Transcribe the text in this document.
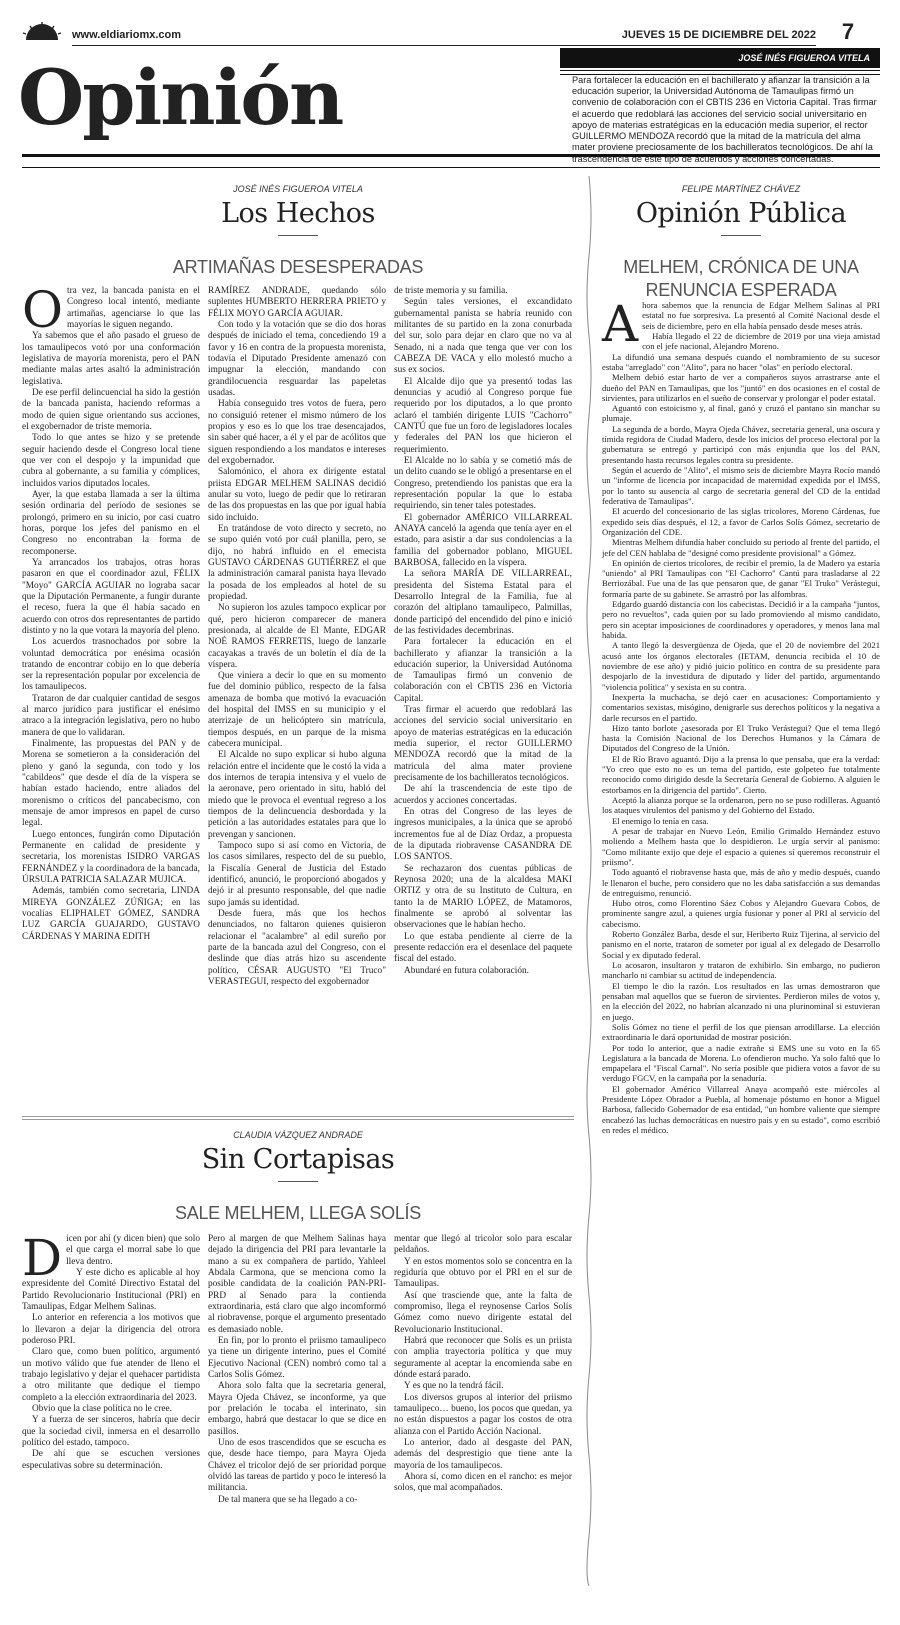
www.eldiariomx.com	JUEVES 15 DE DICIEMBRE DEL 2022	7
Opinión	JOSÉ INÉS FIGUEROA VITELA
Para fortalecer la educación en el bachillerato y afianzar la transición a la educación superior, la Universidad Autónoma de Tamaulipas firmó un convenio de colaboración con el CBTIS 236 en Victoria Capital. Tras firmar el acuerdo que redoblará las acciones del servicio social universitario en apoyo de materias estratégicas en la educación media superior, el rector GUILLERMO MENDOZA recordó que la mitad de la matrícula del alma mater proviene preciosamente de los bachilleratos tecnológicos. De ahí la trascendencia de este tipo de acuerdos y acciones concertadas.
JOSÉ INÉS FIGUEROA VITELA
Los Hechos
ARTIMAÑAS DESESPERADAS

Otra vez, la bancada panista en el Congreso local intentó, mediante artimañas, agenciarse lo que las mayorías le siguen negando.

Ya sabemos que el año pasado el grueso de los tamaulipecos votó por una conformación legislativa de mayoría morenista, pero el PAN mediante malas artes asaltó la administración legislativa.

De ese perfil delincuencial ha sido la gestión de la bancada panista, haciendo reformas a modo de quien sigue orientando sus acciones, el exgobernador de triste memoria.

Todo lo que antes se hizo y se pretende seguir haciendo desde el Congreso local tiene que ver con el despojo y la impunidad que cubra al gobernante, a su familia y cómplices, incluidos varios diputados locales.

Ayer, la que estaba llamada a ser la última sesión ordinaria del período de sesiones se prolongó, primero en su inicio, por casi cuatro horas, porque los jefes del panismo en el Congreso no encontraban la forma de recomponerse.

Ya arrancados los trabajos, otras horas pasaron en que el coordinador azul, FÉLIX "Moyo" GARCÍA AGUIAR no lograba sacar que la Diputación Permanente, a fungir durante el receso, fuera la que él había sacado en acuerdo con otros dos representantes de partido distinto y no la que votara la mayoría del pleno.

Los acuerdos trasnochados por sobre la voluntad democrática por enésima ocasión tratando de encontrar cobijo en lo que debería ser la representación popular por excelencia de los tamaulipecos.

Trataron de dar cualquier cantidad de sesgos al marco jurídico para justificar el enésimo atraco a la integración legislativa, pero no hubo manera de que lo validaran.

Finalmente, las propuestas del PAN y de Morena se sometieron a la consideración del pleno y ganó la segunda, con todo y los "cabildeos" que desde el día de la víspera se habían estado haciendo, entre aliados del morenismo o críticos del pancabecismo, con mensaje de amor impresos en papel de curso legal.

Luego entonces, fungirán como Diputación Permanente en calidad de presidente y secretaria, los morenistas ISIDRO VARGAS FERNÁNDEZ y la coordinadora de la bancada, ÚRSULA PATRICIA SALAZAR MUJICA.

Además, también como secretaria, LINDA MIREYA GONZÁLEZ ZÚÑIGA; en las vocalías ELIPHALET GÓMEZ, SANDRA LUZ GARCÍA GUAJARDO, GUSTAVO CÁRDENAS Y MARINA EDITH

RAMÍREZ ANDRADE, quedando sólo suplentes HUMBERTO HERRERA PRIETO y FÉLIX MOYO GARCÍA AGUIAR.

Con todo y la votación que se dio dos horas después de iniciado el tema, concediendo 19 a favor y 16 en contra de la propuesta morenista, todavía el Diputado Presidente amenazó con impugnar la elección, mandando con grandilocuencia resguardar las papeletas usadas.

Había conseguido tres votos de fuera, pero no consiguió retener el mismo número de los propios y eso es lo que los trae desencajados, sin saber qué hacer, a él y el par de acólitos que siguen respondiendo a los mandatos e intereses del exgobernador.

Salomónico, el ahora ex dirigente estatal priista EDGAR MELHEM SALINAS decidió anular su voto, luego de pedir que lo retiraran de las dos propuestas en las que por igual había sido incluido.

En tratándose de voto directo y secreto, no se supo quién votó por cuál planilla, pero, se dijo, no habrá influido en el emecista GUSTAVO CÁRDENAS GUTIÉRREZ el que la administración camaral panista haya llevado la posada de los empleados al hotel de su propiedad.

No supieron los azules tampoco explicar por qué, pero hicieron comparecer de manera presionada, al alcalde de El Mante, EDGAR NOÉ RAMOS FERRETIS, luego de lanzarle cacayakas a través de un boletín el día de la víspera.

Que viniera a decir lo que en su momento fue del dominio público, respecto de la falsa amenaza de bomba que motivó la evacuación del hospital del IMSS en su municipio y el aterrizaje de un helicóptero sin matrícula, tiempos después, en un parque de la misma cabecera municipal.

El Alcalde no supo explicar si hubo alguna relación entre el incidente que le costó la vida a dos internos de terapia intensiva y el vuelo de la aeronave, pero orientado in situ, habló del miedo que le provoca el eventual regreso a los tiempos de la delincuencia desbordada y la petición a las autoridades estatales para que lo prevengan y sancionen.

Tampoco supo si así como en Victoria, de los casos similares, respecto del de su pueblo, la Fiscalía General de Justicia del Estado identificó, anunció, le proporcionó abogados y dejó ir al presunto responsable, del que nadie supo jamás su identidad.

Desde fuera, más que los hechos denunciados, no faltaron quienes quisieron relacionar el "acalambre" al edil sureño por parte de la bancada azul del Congreso, con el deslinde que días atrás hizo su ascendente político, CÉSAR AUGUSTO "El Truco" VERASTEGUI, respecto del exgobernador

de triste memoria y su familia.

Según tales versiones, el excandidato gubernamental panista se habría reunido con militantes de su partido en la zona conurbada del sur, solo para dejar en claro que no va al Senado, ni a nada que tenga que ver con los CABEZA DE VACA y ello molestó mucho a sus ex socios.

El Alcalde dijo que ya presentó todas las denuncias y acudió al Congreso porque fue requerido por los diputados, a lo que pronto aclaró el también dirigente LUIS "Cachorro" CANTÚ que fue un foro de legisladores locales y federales del PAN los que hicieron el requerimiento.

El Alcalde no lo sabía y se cometió más de un delito cuando se le obligó a presentarse en el Congreso, pretendiendo los panistas que era la representación popular la que lo estaba requiriendo, sin tener tales potestades.

El gobernador AMÉRICO VILLARREAL ANAYA canceló la agenda que tenía ayer en el estado, para asistir a dar sus condolencias a la familia del gobernador poblano, MIGUEL BARBOSA, fallecido en la víspera.

La señora MARÍA DE VILLARREAL, presidenta del Sistema Estatal para el Desarrollo Integral de la Familia, fue al corazón del altiplano tamaulipeco, Palmillas, donde participó del encendido del pino e inició de las festividades decembrinas.

Para fortalecer la educación en el bachillerato y afianzar la transición a la educación superior, la Universidad Autónoma de Tamaulipas firmó un convenio de colaboración con el CBTIS 236 en Victoria Capital.

Tras firmar el acuerdo que redoblará las acciones del servicio social universitario en apoyo de materias estratégicas en la educación media superior, el rector GUILLERMO MENDOZA recordó que la mitad de la matrícula del alma mater proviene precisamente de los bachilleratos tecnológicos.

De ahí la trascendencia de este tipo de acuerdos y acciones concertadas.

En otras del Congreso de las leyes de ingresos municipales, a la única que se aprobó incrementos fue al de Díaz Ordaz, a propuesta de la diputada riobravense CASANDRA DE LOS SANTOS.

Se rechazaron dos cuentas públicas de Reynosa 2020; una de la alcaldesa MAKI ORTIZ y otra de su Instituto de Cultura, en tanto la de MARIO LÓPEZ, de Matamoros, finalmente se aprobó al solventar las observaciones que le habían hecho.

Lo que estaba pendiente al cierre de la presente redacción era el desenlace del paquete fiscal del estado.

Abundaré en futura colaboración.

CLAUDIA VÁZQUEZ ANDRADE
Sin Cortapisas
SALE MELHEM, LLEGA SOLÍS

Dicen por ahí (y dicen bien) que solo el que carga el morral sabe lo que lleva dentro.

Y este dicho es aplicable al hoy expresidente del Comité Directivo Estatal del Partido Revolucionario Institucional (PRI) en Tamaulipas, Edgar Melhem Salinas.

Lo anterior en referencia a los motivos que lo llevaron a dejar la dirigencia del otrora poderoso PRI.

Claro que, como buen político, argumentó un motivo válido que fue atender de lleno el trabajo legislativo y dejar el quehacer partidista a otro militante que dedique el tiempo completo a la elección extraordinaria del 2023.

Obvio que la clase política no le cree.

Y a fuerza de ser sinceros, habría que decir que la sociedad civil, inmersa en el desarrollo político del estado, tampoco.

De ahí que se escuchen versiones especulativas sobre su determinación.

Pero al margen de que Melhem Salinas haya dejado la dirigencia del PRI para levantarle la mano a su ex compañera de partido, Yahleel Abdala Carmona, que se menciona como la posible candidata de la coalición PAN-PRI-PRD al Senado para la contienda extraordinaria, está claro que algo incomformó al riobravense, porque el argumento presentado es demasiado noble.

En fin, por lo pronto el priismo tamaulipeco ya tiene un dirigente interino, pues el Comité Ejecutivo Nacional (CEN) nombró como tal a Carlos Solís Gómez.

Ahora solo falta que la secretaria general, Mayra Ojeda Chávez, se inconforme, ya que por prelación le tocaba el interinato, sin embargo, habrá que destacar lo que se dice en pasillos.

Uno de esos trascendidos que se escucha es que, desde hace tiempo, para Mayra Ojeda Chávez el tricolor dejó de ser prioridad porque olvidó las tareas de partido y poco le interesó la militancia.

De tal manera que se ha llegado a co-

mentar que llegó al tricolor solo para escalar peldaños.

Y en estos momentos solo se concentra en la regiduría que obtuvo por el PRI en el sur de Tamaulipas.

Así que trasciende que, ante la falta de compromiso, llega el reynosense Carlos Solís Gómez como nuevo dirigente estatal del Revolucionario Institucional.

Habrá que reconocer que Solís es un priista con amplia trayectoria política y que muy seguramente al aceptar la encomienda sabe en dónde estará parado.

Y es que no la tendrá fácil.

Los diversos grupos al interior del priismo tamaulipeco… bueno, los pocos que quedan, ya no están dispuestos a pagar los costos de otra alianza con el Partido Acción Nacional.

Lo anterior, dado al desgaste del PAN, además del desprestigio que tiene ante la mayoría de los tamaulipecos.

Ahora sí, como dicen en el rancho: es mejor solos, que mal acompañados.

FELIPE MARTÍNEZ CHÁVEZ
Opinión Pública
MELHEM, CRÓNICA DE UNA RENUNCIA ESPERADA

Ahora sabemos que la renuncia de Edgar Melhem Salinas al PRI estatal no fue sorpresiva. La presentó al Comité Nacional desde el seis de diciembre, pero en ella había pensado desde meses atrás.

Había llegado el 22 de diciembre de 2019 por una vieja amistad con el jefe nacional, Alejandro Moreno.

La difundió una semana después cuando el nombramiento de su sucesor estaba "arreglado" con "Alito", para no hacer "olas" en período electoral.

Melhem debió estar harto de ver a compañeros suyos arrastrarse ante el dueño del PAN en Tamaulipas, que los "juntó" en dos ocasiones en el costal de sirvientes, para utilizarlos en el sueño de conservar y prolongar el poder estatal.

Aguantó con estoicismo y, al final, ganó y cruzó el pantano sin manchar su plumaje.

La segunda de a bordo, Mayra Ojeda Chávez, secretaria general, una oscura y tímida regidora de Ciudad Madero, desde los inicios del proceso electoral por la gubernatura se entregó y participó con más enjundia que los del PAN, presentando hasta recursos legales contra su presidente.

Según el acuerdo de "Alito", el mismo seis de diciembre Mayra Rocío mandó un "informe de licencia por incapacidad de maternidad expedida por el IMSS, por lo tanto su ausencia al cargo de secretaria general del CD de la entidad federativa de Tamaulipas".

El acuerdo del concesionario de las siglas tricolores, Moreno Cárdenas, fue expedido seis días después, el 12, a favor de Carlos Solís Gómez, secretario de Organización del CDE.

Mientras Melhem difundía haber concluido su periodo al frente del partido, el jefe del CEN hablaba de "designé como presidente provisional" a Gómez.

En opinión de ciertos tricolores, de recibir el premio, la de Madero ya estaría "uniendo" al PRI Tamaulipas con "El Cachorro" Cantú para trasladarse al 22 Berriozábal. Fue una de las que pensaron que, de ganar "El Truko" Verástegui, formaría parte de su gabinete. Se arrastró por las alfombras.

Edgardo guardó distancia con los cabecistas. Decidió ir a la campaña "juntos, pero no revueltos", cada quien por su lado promoviendo al mismo candidato, pero sin aceptar imposiciones de coordinadores y operadores, y menos lana mal habida.

A tanto llegó la desvergüenza de Ojeda, que el 20 de noviembre del 2021 acusó ante los órganos electorales (IETAM, denuncia recibida el 10 de noviembre de ese año) y pidió juicio político en contra de su presidente para despojarlo de la investidura de diputado y líder del partido, argumentando "violencia política" y sexista en su contra.

Inexperta la muchacha, se dejó caer en acusaciones: Comportamiento y comentarios sexistas, misógino, denigrarle sus derechos políticos y la negativa a darle recursos en el partido.

Hizo tanto borlote ¿asesorada por El Truko Verástegui? Que el tema llegó hasta la Comisión Nacional de los Derechos Humanos y la Cámara de Diputados del Congreso de la Unión.

El de Río Bravo aguantó. Dijo a la prensa lo que pensaba, que era la verdad: "Yo creo que esto no es un tema del partido, este golpeteo fue totalmente reconocido como dirigido desde la Secretaría General de Gobierno. A alguien le estorbamos en la dirigencia del partido". Cierto.

Aceptó la alianza porque se la ordenaron, pero no se puso rodilleras. Aguantó los ataques virulentos del panismo y del Gobierno del Estado.

El enemigo lo tenía en casa.

A pesar de trabajar en Nuevo León, Emilio Grimaldo Hernández estuvo moliendo a Melhem hasta que lo despidieron. Le urgía servir al panismo: "Como militante exijo que deje el espacio a quienes sí queremos reconstruir el priismo".

Todo aguantó el riobravense hasta que, más de año y medio después, cuando le llenaron el buche, pero considero que no les daba satisfacción a sus demandas de entreguismo, renunció.

Hubo otros, como Florentino Sáez Cobos y Alejandro Guevara Cobos, de prominente sangre azul, a quienes urgía fusionar y poner al PRI al servicio del cabecismo.

Roberto González Barba, desde el sur, Heriberto Ruiz Tijerina, al servicio del panismo en el norte, trataron de someter por igual al ex delegado de Desarrollo Social y ex diputado federal.

Lo acosaron, insultaron y trataron de exhibirlo. Sin embargo, no pudieron mancharlo ni cambiar su actitud de independencia.

El tiempo le dio la razón. Los resultados en las urnas demostraron que pensaban mal aquellos que se fueron de sirvientes. Perdieron miles de votos y, en la elección del 2022, no habrían alcanzado ni una plurinominal si estuvieran en juego.

Solís Gómez no tiene el perfil de los que piensan arrodillarse. La elección extraordinaria le dará oportunidad de mostrar posición.

Por todo lo anterior, que a nadie extrañe si EMS une su voto en la 65 Legislatura a la bancada de Morena. Lo ofendieron mucho. Ya solo faltó que lo empapelara el "Fiscal Carnal". No sería posible que pidiera votos a favor de su verdugo FGCV, en la campaña por la senaduría.

El gobernador Américo Villarreal Anaya acompañó este miércoles al Presidente López Obrador a Puebla, al homenaje póstumo en honor a Miguel Barbosa, fallecido Gobernador de esa entidad, "un hombre valiente que siempre encabezó las luchas democráticas en nuestro país y en su estado", como escribió en redes el médico.
